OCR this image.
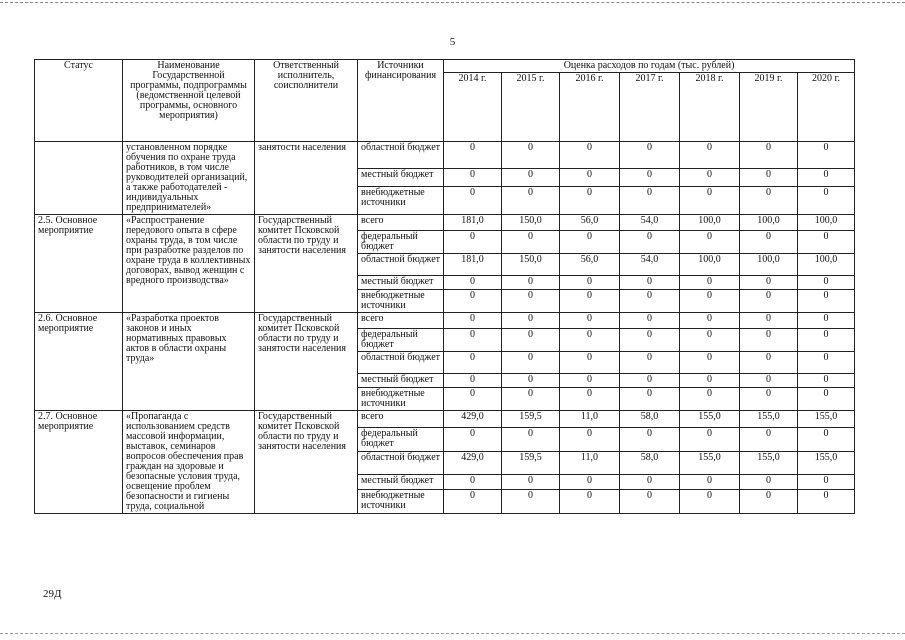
5
Статус	Наименование Государственной программы, подпрограммы (ведомственной целевой программы, основного мероприятия)	Ответственный исполнитель, соисполнители	Источники финансирования	Оценка расходов по годам (тыс. рублей)						
				2014 г.	2015 г.	2016 г.	2017 г.	2018 г.	2019 г.	2020 г.
	установленном порядке обучения по охране труда работников, в том числе руководителей организаций, а также работодателей - индивидуальных предпринимателей»	занятости населения	областной бюджет	0	0	0	0	0	0	0
			местный бюджет	0	0	0	0	0	0	0
			внебюджетные источники	0	0	0	0	0	0	0
2.5. Основное мероприятие	«Распространение передового опыта в сфере охраны труда, в том числе при разработке разделов по охране труда в коллективных договорах, вывод женщин с вредного производства»	Государственный комитет Псковской области по труду и занятости населения	всего	181,0	150,0	56,0	54,0	100,0	100,0	100,0
			федеральный бюджет	0	0	0	0	0	0	0
			областной бюджет	181,0	150,0	56,0	54,0	100,0	100,0	100,0
			местный бюджет	0	0	0	0	0	0	0
			внебюджетные источники	0	0	0	0	0	0	0
2.6. Основное мероприятие	«Разработка проектов законов и иных нормативных правовых актов в области охраны труда»	Государственный комитет Псковской области по труду и занятости населения	всего	0	0	0	0	0	0	0
			федеральный бюджет	0	0	0	0	0	0	0
			областной бюджет	0	0	0	0	0	0	0
			местный бюджет	0	0	0	0	0	0	0
			внебюджетные источники	0	0	0	0	0	0	0
2.7. Основное мероприятие	«Пропаганда с использованием средств массовой информации, выставок, семинаров вопросов обеспечения прав граждан на здоровые и безопасные условия труда, освещение проблем безопасности и гигиены труда, социальной	Государственный комитет Псковской области по труду и занятости населения	всего	429,0	159,5	11,0	58,0	155,0	155,0	155,0
			федеральный бюджет	0	0	0	0	0	0	0
			областной бюджет	429,0	159,5	11,0	58,0	155,0	155,0	155,0
			местный бюджет	0	0	0	0	0	0	0
			внебюджетные источники	0	0	0	0	0	0	0
29Д
